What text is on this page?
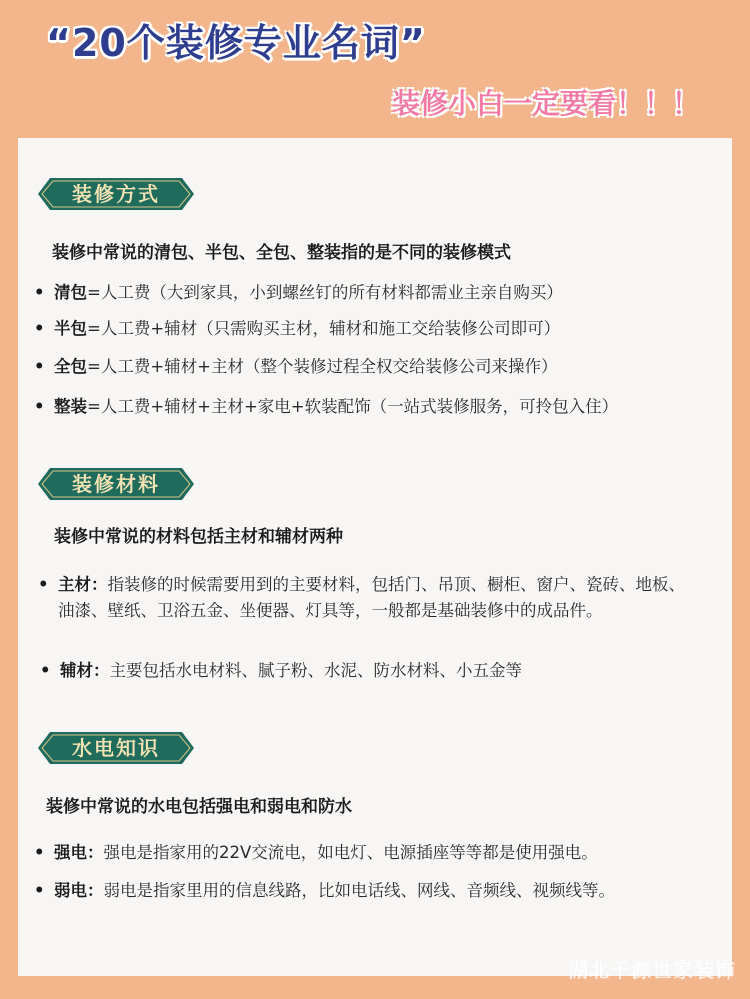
“20个装修专业名词”
装修小白一定要看！！！
装修方式
装修中常说的清包、半包、全包、整装指的是不同的装修模式
• 清包=人工费（大到家具，小到螺丝钉的所有材料都需业主亲自购买）
• 半包=人工费+辅材（只需购买主材，辅材和施工交给装修公司即可）
• 全包=人工费+辅材+主材（整个装修过程全权交给装修公司来操作）
• 整装=人工费+辅材+主材+家电+软装配饰（一站式装修服务，可拎包入住）
装修材料
装修中常说的材料包括主材和辅材两种
• 主材：指装修的时候需要用到的主要材料，包括门、吊顶、橱柜、窗户、瓷砖、地板、油漆、壁纸、卫浴五金、坐便器、灯具等，一般都是基础装修中的成品件。
• 辅材：主要包括水电材料、腻子粉、水泥、防水材料、小五金等
水电知识
装修中常说的水电包括强电和弱电和防水
• 强电：强电是指家用的22V交流电，如电灯、电源插座等等都是使用强电。
• 弱电：弱电是指家里用的信息线路，比如电话线、网线、音频线、视频线等。
湖北千源世家装饰
